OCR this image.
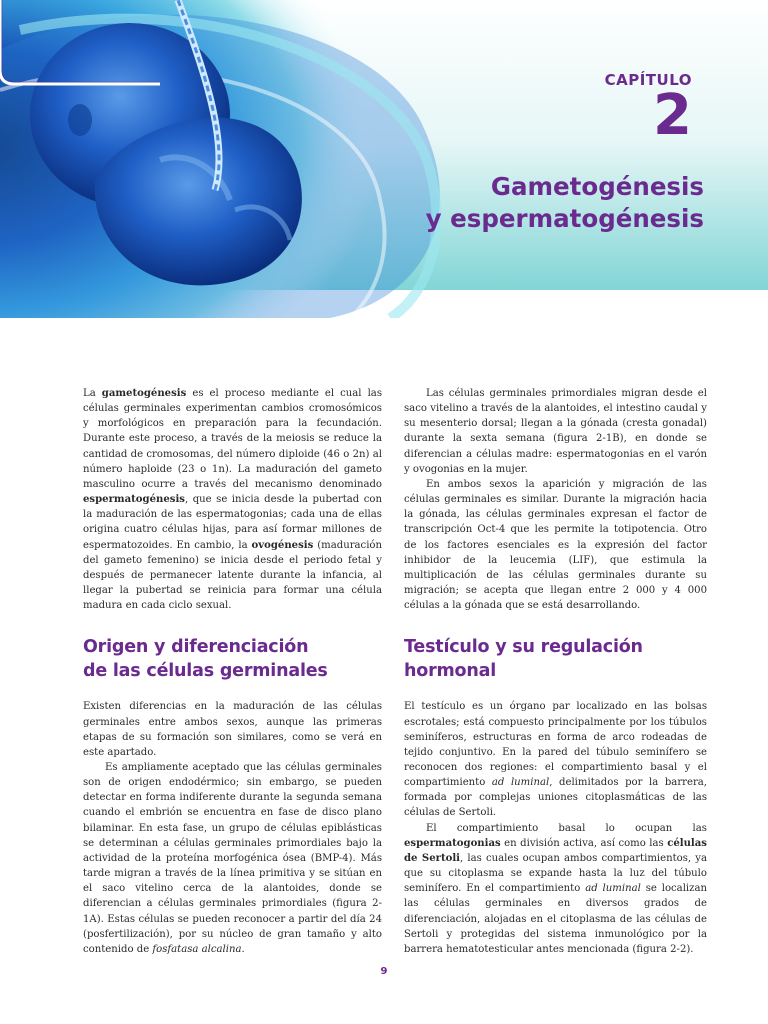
CAPÍTULO
2
Gametogénesis
y espermatogénesis

La gametogénesis es el proceso mediante el cual las células germinales experimentan cambios cromosómicos y morfológicos en preparación para la fecundación. Durante este proceso, a través de la meiosis se reduce la cantidad de cromosomas, del número diploide (46 o 2n) al número haploide (23 o 1n). La maduración del gameto masculino ocurre a través del mecanismo denominado espermatogénesis, que se inicia desde la pubertad con la maduración de las espermatogonias; cada una de ellas origina cuatro células hijas, para así formar millones de espermatozoides. En cambio, la ovogénesis (maduración del gameto femenino) se inicia desde el periodo fetal y después de permanecer latente durante la infancia, al llegar la pubertad se reinicia para formar una célula madura en cada ciclo sexual.

Origen y diferenciación
de las células germinales

Existen diferencias en la maduración de las células germinales entre ambos sexos, aunque las primeras etapas de su formación son similares, como se verá en este apartado.

Es ampliamente aceptado que las células germinales son de origen endodérmico; sin embargo, se pueden detectar en forma indiferente durante la segunda semana cuando el embrión se encuentra en fase de disco plano bilaminar. En esta fase, un grupo de células epiblásticas se determinan a células germinales primordiales bajo la actividad de la proteína morfogénica ósea (BMP-4). Más tarde migran a través de la línea primitiva y se sitúan en el saco vitelino cerca de la alantoides, donde se diferencian a células germinales primordiales (figura 2-1A). Estas células se pueden reconocer a partir del día 24 (posfertilización), por su núcleo de gran tamaño y alto contenido de fosfatasa alcalina.

Las células germinales primordiales migran desde el saco vitelino a través de la alantoides, el intestino caudal y su mesenterio dorsal; llegan a la gónada (cresta gonadal) durante la sexta semana (figura 2-1B), en donde se diferencian a células madre: espermatogonias en el varón y ovogonias en la mujer.

En ambos sexos la aparición y migración de las células germinales es similar. Durante la migración hacia la gónada, las células germinales expresan el factor de transcripción Oct-4 que les permite la totipotencia. Otro de los factores esenciales es la expresión del factor inhibidor de la leucemia (LIF), que estimula la multiplicación de las células germinales durante su migración; se acepta que llegan entre 2 000 y 4 000 células a la gónada que se está desarrollando.

Testículo y su regulación
hormonal

El testículo es un órgano par localizado en las bolsas escrotales; está compuesto principalmente por los túbulos seminíferos, estructuras en forma de arco rodeadas de tejido conjuntivo. En la pared del túbulo seminífero se reconocen dos regiones: el compartimiento basal y el compartimiento ad luminal, delimitados por la barrera, formada por complejas uniones citoplasmáticas de las células de Sertoli.

El compartimiento basal lo ocupan las espermatogonias en división activa, así como las células de Sertoli, las cuales ocupan ambos compartimientos, ya que su citoplasma se expande hasta la luz del túbulo seminífero. En el compartimiento ad luminal se localizan las células germinales en diversos grados de diferenciación, alojadas en el citoplasma de las células de Sertoli y protegidas del sistema inmunológico por la barrera hematotesticular antes mencionada (figura 2-2).

9
